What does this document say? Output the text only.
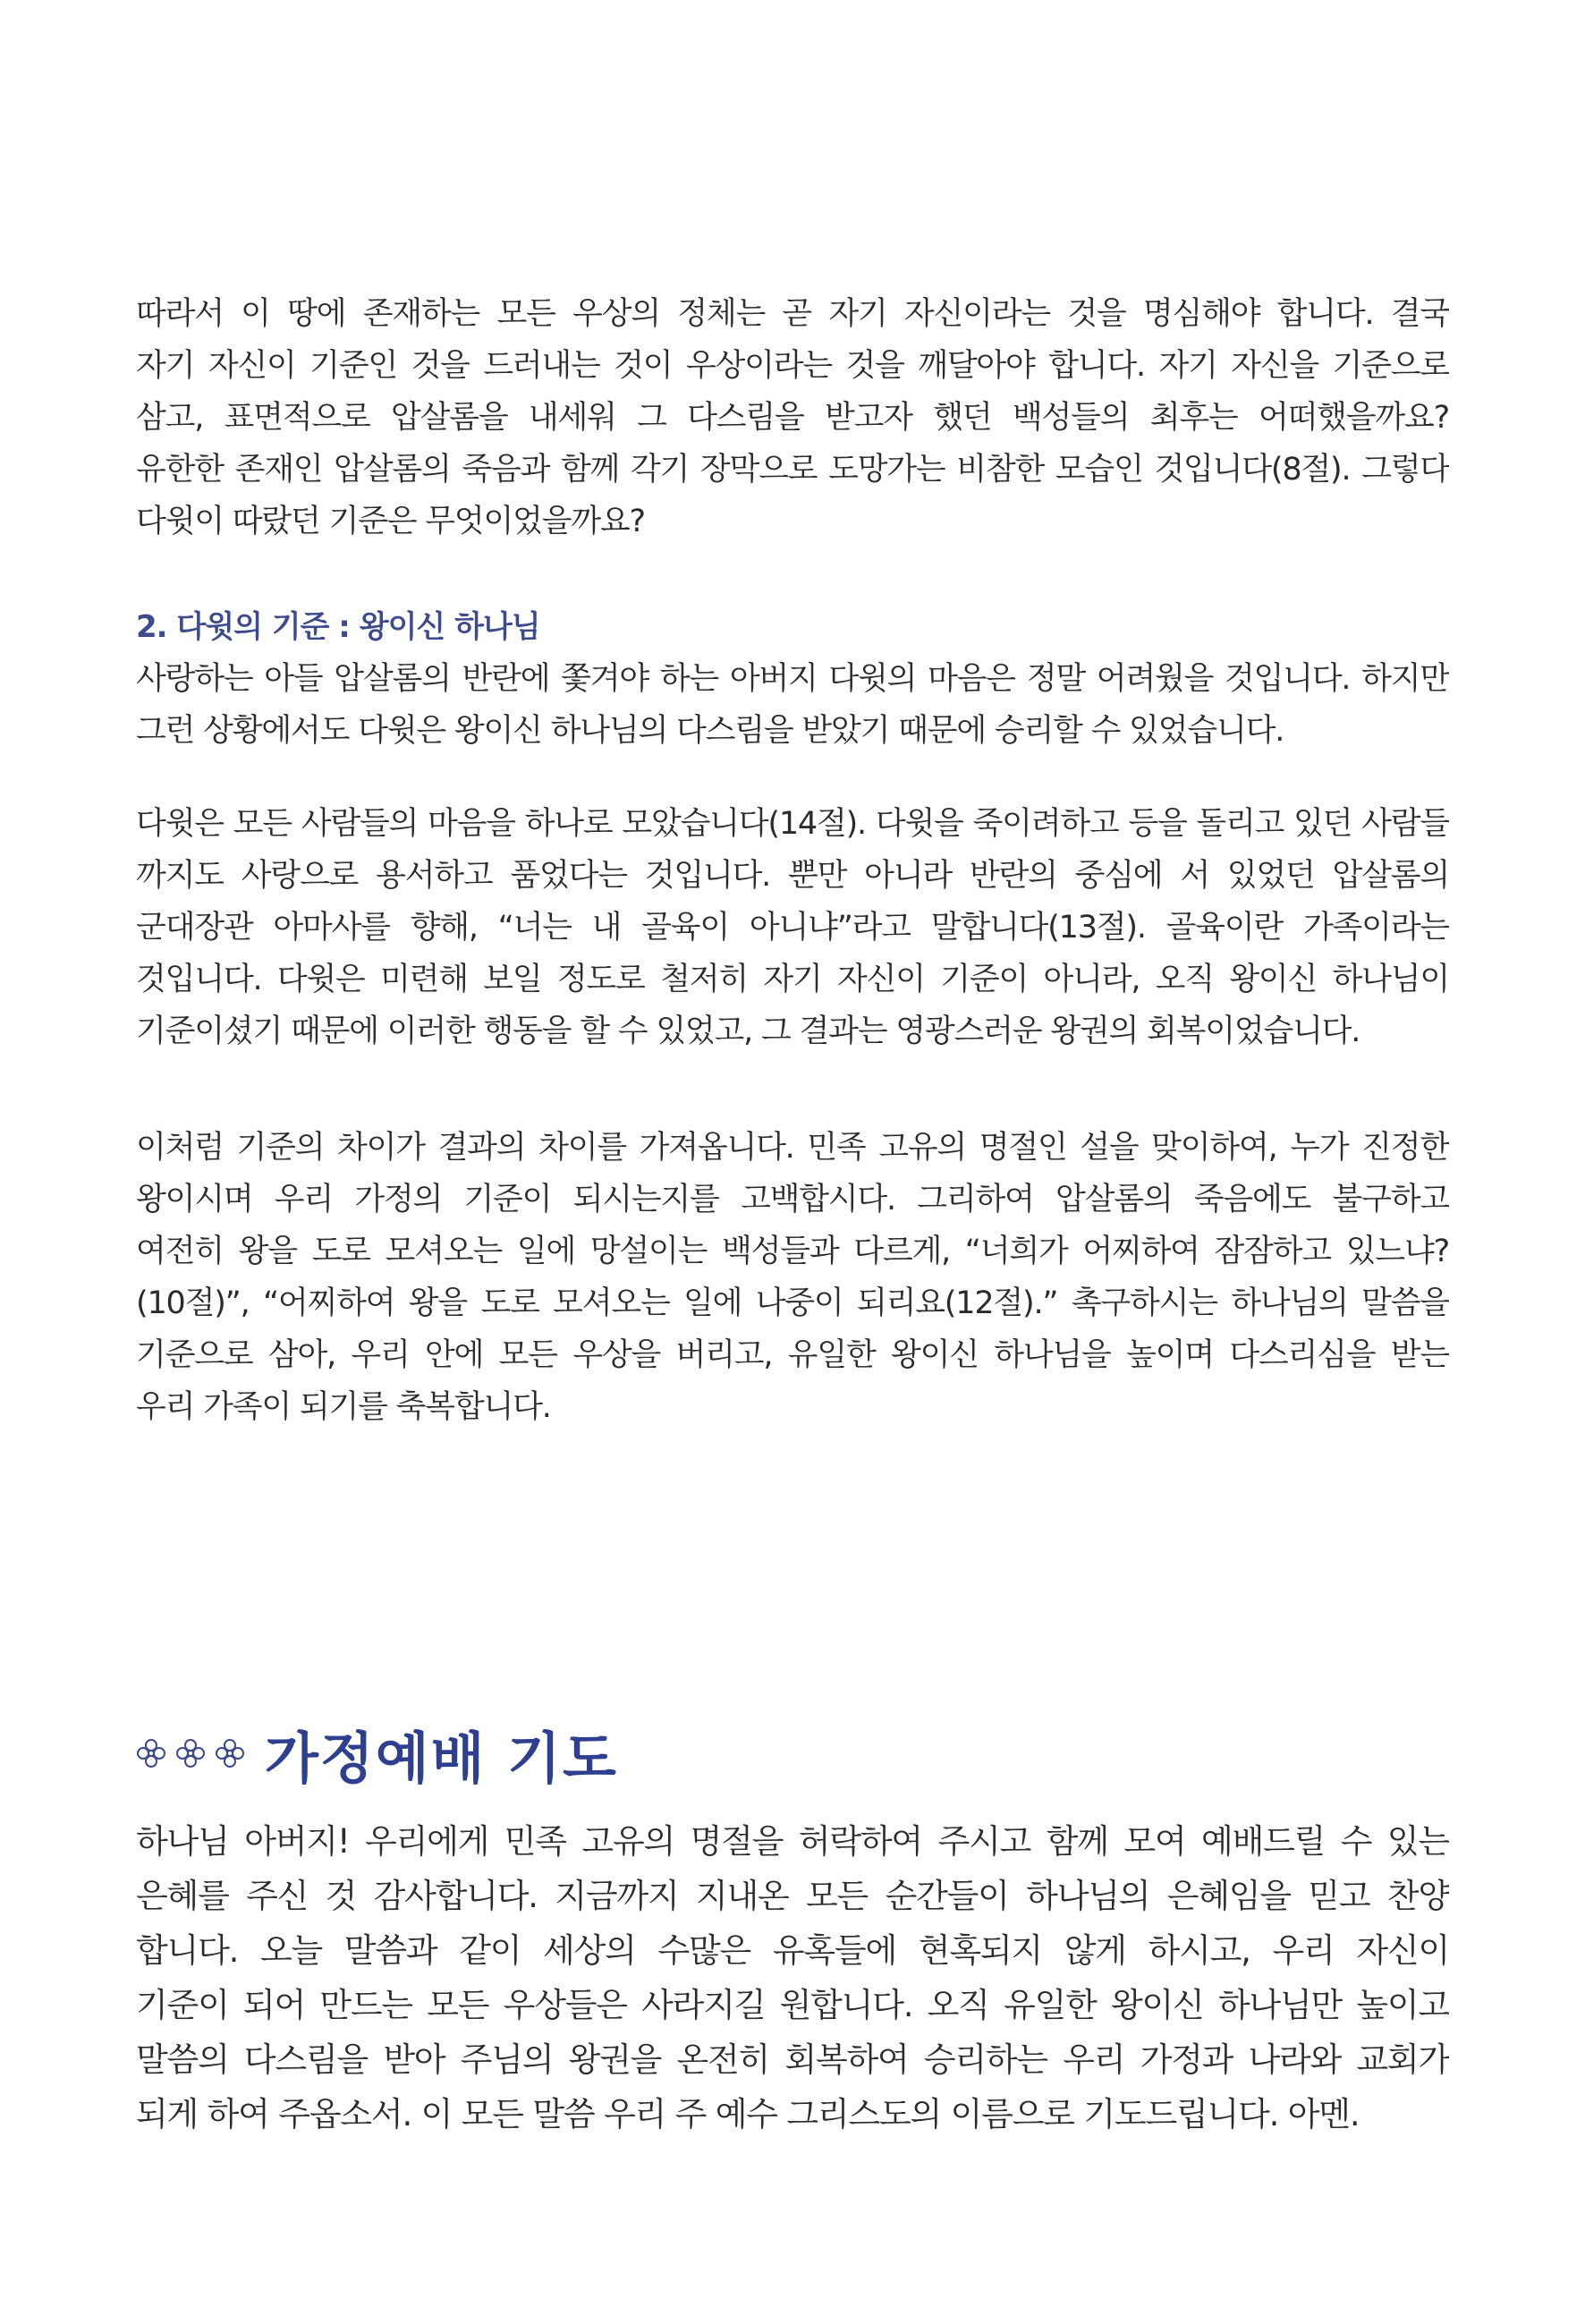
따라서 이 땅에 존재하는 모든 우상의 정체는 곧 자기 자신이라는 것을 명심해야 합니다. 결국
자기 자신이 기준인 것을 드러내는 것이 우상이라는 것을 깨달아야 합니다. 자기 자신을 기준으로
삼고, 표면적으로 압살롬을 내세워 그 다스림을 받고자 했던 백성들의 최후는 어떠했을까요?
유한한 존재인 압살롬의 죽음과 함께 각기 장막으로 도망가는 비참한 모습인 것입니다(8절). 그렇다
다윗이 따랐던 기준은 무엇이었을까요?
2. 다윗의 기준 : 왕이신 하나님
사랑하는 아들 압살롬의 반란에 쫓겨야 하는 아버지 다윗의 마음은 정말 어려웠을 것입니다. 하지만
그런 상황에서도 다윗은 왕이신 하나님의 다스림을 받았기 때문에 승리할 수 있었습니다.
다윗은 모든 사람들의 마음을 하나로 모았습니다(14절). 다윗을 죽이려하고 등을 돌리고 있던 사람들
까지도 사랑으로 용서하고 품었다는 것입니다. 뿐만 아니라 반란의 중심에 서 있었던 압살롬의
군대장관 아마사를 향해, “너는 내 골육이 아니냐”라고 말합니다(13절). 골육이란 가족이라는
것입니다. 다윗은 미련해 보일 정도로 철저히 자기 자신이 기준이 아니라, 오직 왕이신 하나님이
기준이셨기 때문에 이러한 행동을 할 수 있었고, 그 결과는 영광스러운 왕권의 회복이었습니다.
이처럼 기준의 차이가 결과의 차이를 가져옵니다. 민족 고유의 명절인 설을 맞이하여, 누가 진정한
왕이시며 우리 가정의 기준이 되시는지를 고백합시다. 그리하여 압살롬의 죽음에도 불구하고
여전히 왕을 도로 모셔오는 일에 망설이는 백성들과 다르게, “너희가 어찌하여 잠잠하고 있느냐?
(10절)”, “어찌하여 왕을 도로 모셔오는 일에 나중이 되리요(12절).” 촉구하시는 하나님의 말씀을
기준으로 삼아, 우리 안에 모든 우상을 버리고, 유일한 왕이신 하나님을 높이며 다스리심을 받는
우리 가족이 되기를 축복합니다.
가정예배 기도
하나님 아버지! 우리에게 민족 고유의 명절을 허락하여 주시고 함께 모여 예배드릴 수 있는
은혜를 주신 것 감사합니다. 지금까지 지내온 모든 순간들이 하나님의 은혜임을 믿고 찬양
합니다. 오늘 말씀과 같이 세상의 수많은 유혹들에 현혹되지 않게 하시고, 우리 자신이
기준이 되어 만드는 모든 우상들은 사라지길 원합니다. 오직 유일한 왕이신 하나님만 높이고
말씀의 다스림을 받아 주님의 왕권을 온전히 회복하여 승리하는 우리 가정과 나라와 교회가
되게 하여 주옵소서. 이 모든 말씀 우리 주 예수 그리스도의 이름으로 기도드립니다. 아멘.
